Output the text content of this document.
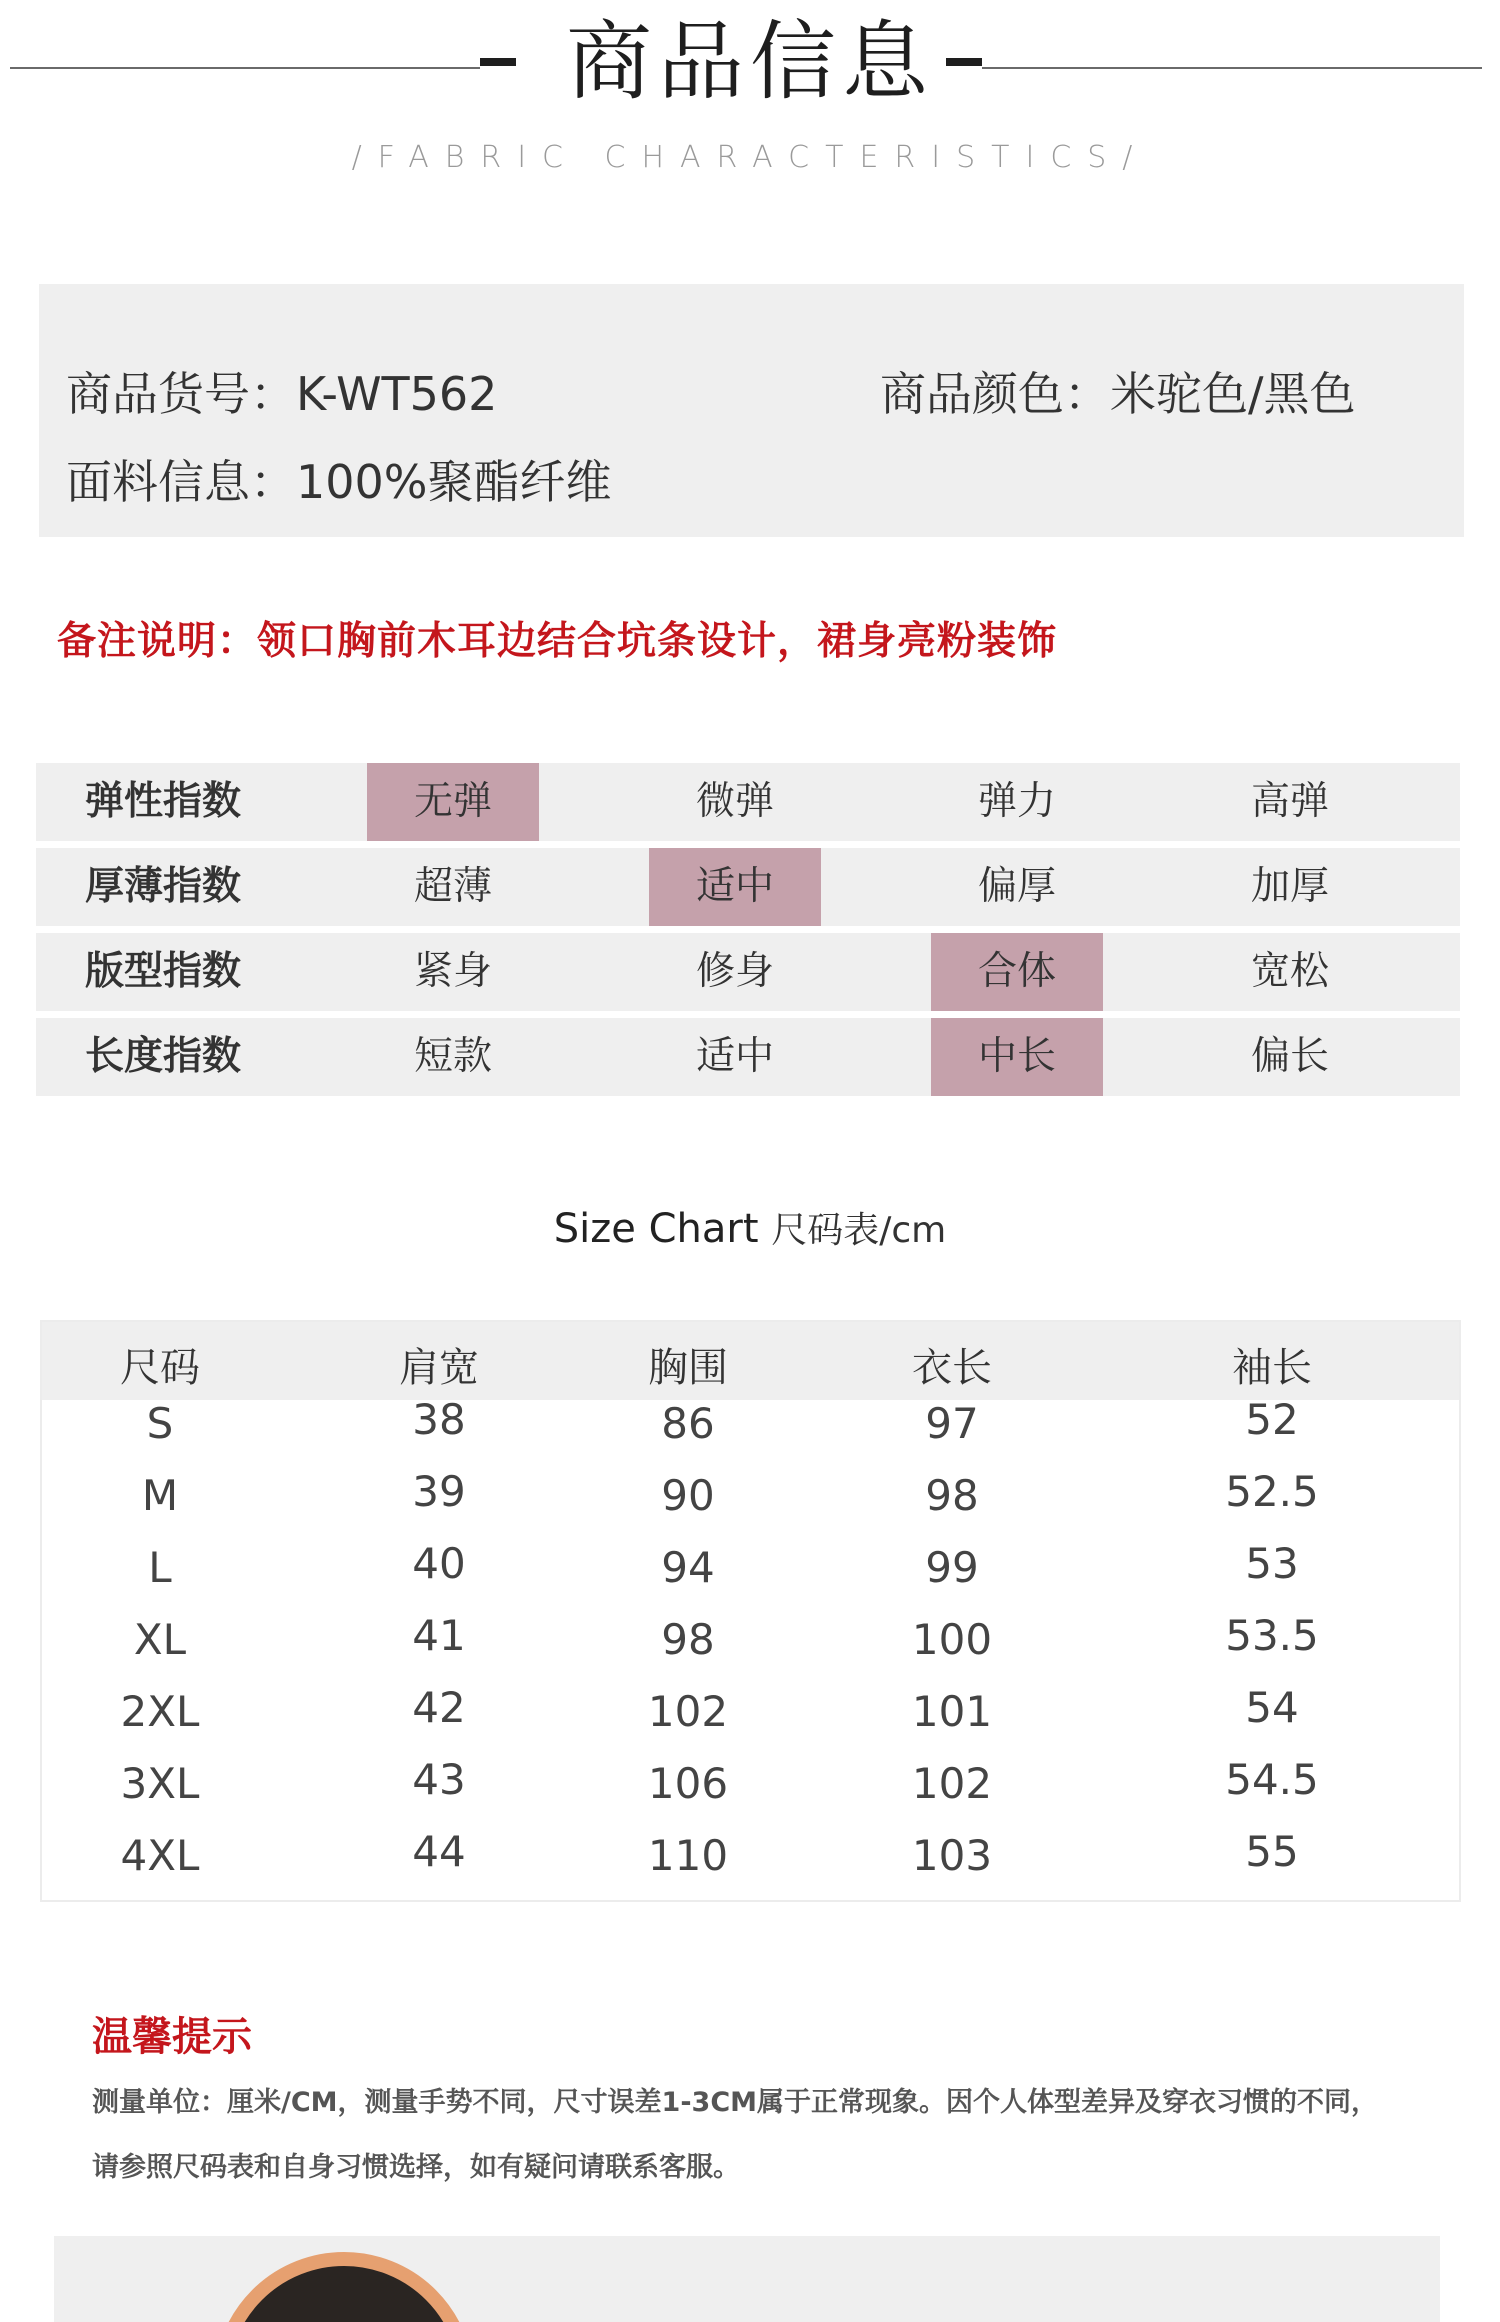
商品信息
/FABRIC CHARACTERISTICS/
商品货号：K-WT562	商品颜色：米驼色/黑色
面料信息：100%聚酯纤维
备注说明：领口胸前木耳边结合坑条设计，裙身亮粉装饰
弹性指数	无弹	微弹	弹力	高弹
厚薄指数	超薄	适中	偏厚	加厚
版型指数	紧身	修身	合体	宽松
长度指数	短款	适中	中长	偏长
Size Chart 尺码表/cm
尺码	肩宽	胸围	衣长	袖长
S	38	86	97	52
M	39	90	98	52.5
L	40	94	99	53
XL	41	98	100	53.5
2XL	42	102	101	54
3XL	43	106	102	54.5
4XL	44	110	103	55
温馨提示
测量单位：厘米/CM，测量手势不同，尺寸误差1-3CM属于正常现象。因个人体型差异及穿衣习惯的不同，
请参照尺码表和自身习惯选择，如有疑问请联系客服。
